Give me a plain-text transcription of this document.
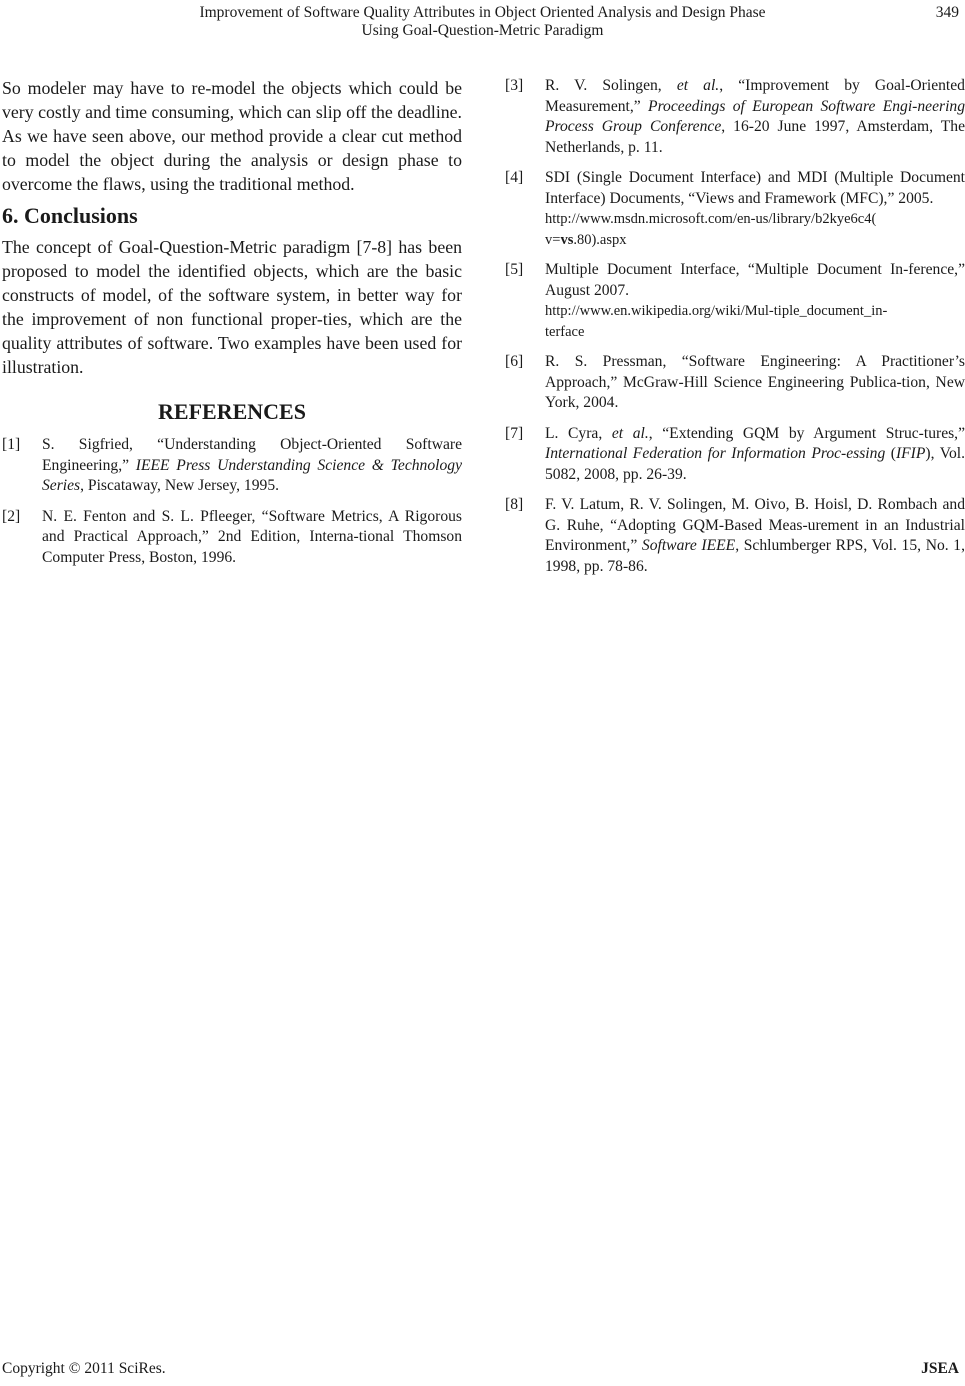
Improvement of Software Quality Attributes in Object Oriented Analysis and Design Phase
Using Goal-Question-Metric Paradigm
349

So modeler may have to re-model the objects which could be very costly and time consuming, which can slip off the deadline. As we have seen above, our method provide a clear cut method to model the object during the analysis or design phase to overcome the flaws, using the traditional method.

6. Conclusions

The concept of Goal-Question-Metric paradigm [7-8] has been proposed to model the identified objects, which are the basic constructs of model, of the software system, in better way for the improvement of non functional proper-ties, which are the quality attributes of software. Two examples have been used for illustration.

REFERENCES
[1]	S. Sigfried, “Understanding Object-Oriented Software Engineering,” IEEE Press Understanding Science & Technology Series, Piscataway, New Jersey, 1995.
[2]	N. E. Fenton and S. L. Pfleeger, “Software Metrics, A Rigorous and Practical Approach,” 2nd Edition, Interna-tional Thomson Computer Press, Boston, 1996.
[3]	R. V. Solingen, et al., “Improvement by Goal-Oriented Measurement,” Proceedings of European Software Engi-neering Process Group Conference, 16-20 June 1997, Amsterdam, The Netherlands, p. 11.
[4]	SDI (Single Document Interface) and MDI (Multiple Document Interface) Documents, “Views and Framework (MFC),” 2005.
http://www.msdn.microsoft.com/en-us/library/b2kye6c4(
v=vs.80).aspx
[5]	Multiple Document Interface, “Multiple Document In-ference,” August 2007.
http://www.en.wikipedia.org/wiki/Mul-tiple_document_in-
terface
[6]	R. S. Pressman, “Software Engineering: A Practitioner’s Approach,” McGraw-Hill Science Engineering Publica-tion, New York, 2004.
[7]	L. Cyra, et al., “Extending GQM by Argument Struc-tures,” International Federation for Information Proc-essing (IFIP), Vol. 5082, 2008, pp. 26-39.
[8]	F. V. Latum, R. V. Solingen, M. Oivo, B. Hoisl, D. Rombach and G. Ruhe, “Adopting GQM-Based Meas-urement in an Industrial Environment,” Software IEEE, Schlumberger RPS, Vol. 15, No. 1, 1998, pp. 78-86.
Copyright © 2011 SciRes.	JSEA
